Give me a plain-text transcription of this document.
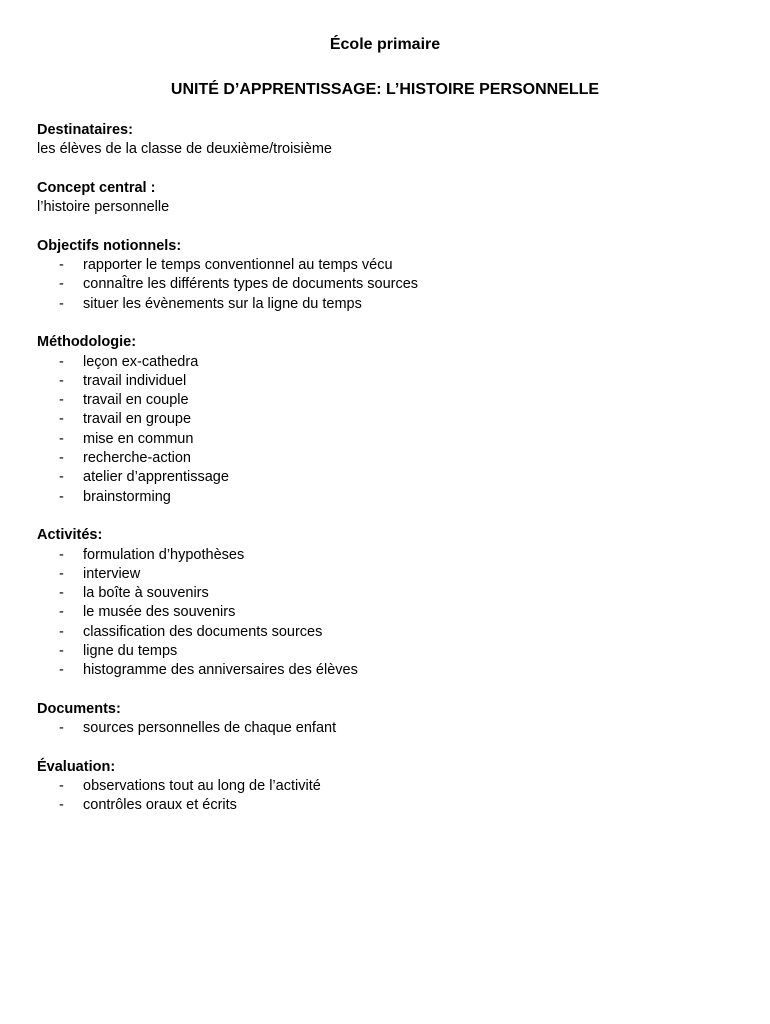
École primaire
UNITÉ D’APPRENTISSAGE: L’HISTOIRE PERSONNELLE
Destinataires:
les élèves de la classe de deuxième/troisième
Concept central :
l’histoire personnelle
Objectifs notionnels:
- rapporter le temps conventionnel au temps vécu
- connaÎtre les différents types de documents sources
- situer les évènements sur la ligne du temps
Méthodologie:
- leçon ex-cathedra
- travail individuel
- travail en couple
- travail en groupe
- mise en commun
- recherche-action
- atelier d’apprentissage
- brainstorming
Activités:
- formulation d’hypothèses
- interview
- la boîte à souvenirs
- le musée des souvenirs
- classification des documents sources
- ligne du temps
- histogramme des anniversaires des élèves
Documents:
- sources personnelles de chaque enfant
Évaluation:
- observations tout au long de l’activité
- contrôles oraux et écrits
